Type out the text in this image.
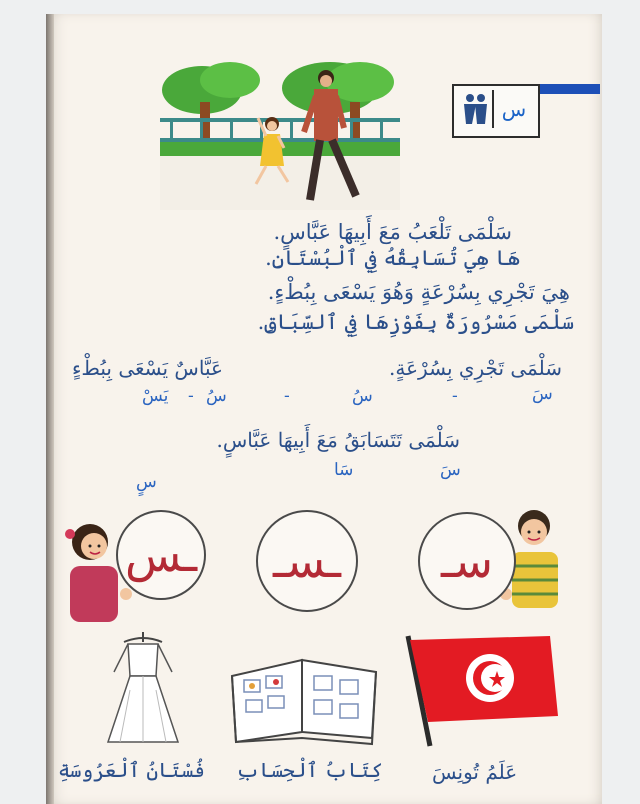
س
سَلْمَى تَلْعَبُ مَعَ أَبِيهَا عَبَّاسٍ.
هَا هِيَ تُسَابِقُهُ فِي ٱلْبُسْتَانِ.
هِيَ تَجْرِي بِسُرْعَةٍ وَهُوَ يَسْعَى بِبُطْءٍ.
سَلْمَى مَسْرُورَةٌ بِفَوْزِهَا فِي ٱلسِّبَاقِ.
سَلْمَى تَجْرِي بِسُرْعَةٍ.
عَبَّاسٌ يَسْعَى بِبُطْءٍ
سَ
سُ
سُ
يَسْ	-
-
-
سَلْمَى تَتَسَابَقُ مَعَ أَبِيهَا عَبَّاسٍ.
سَ
سَا
سٍ
سـ
ـسـ
ـس
عَلَمُ تُونِسَ
كِتَابُ ٱلْحِسَابِ
فُسْتَانُ ٱلْعَرُوسَةِ
